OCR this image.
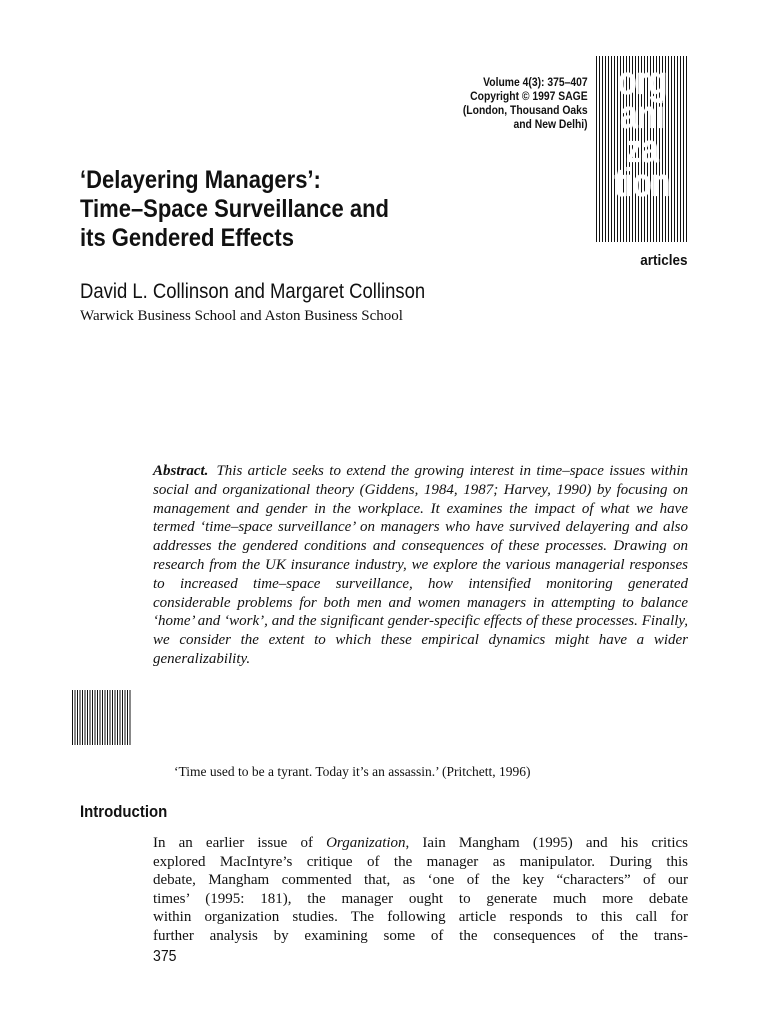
Volume 4(3): 375–407
Copyright © 1997 SAGE
(London, Thousand Oaks
and New Delhi)
org
ani
za
tion
articles
‘Delayering Managers’:
Time–Space Surveillance and
its Gendered Effects
David L. Collinson and Margaret Collinson
Warwick Business School and Aston Business School

Abstract. This article seeks to extend the growing interest in time–space issues within social and organizational theory (Giddens, 1984, 1987; Harvey, 1990) by focusing on management and gender in the workplace. It examines the impact of what we have termed ‘time–space surveillance’ on managers who have survived delayering and also addresses the gendered conditions and consequences of these processes. Drawing on research from the UK insurance industry, we explore the various managerial responses to increased time–space surveillance, how intensified monitoring generated considerable problems for both men and women managers in attempting to balance ‘home’ and ‘work’, and the significant gender-specific effects of these processes. Finally, we consider the extent to which these empirical dynamics might have a wider generalizability.

‘Time used to be a tyrant. Today it’s an assassin.’ (Pritchett, 1996)
Introduction

In an earlier issue of Organization, Iain Mangham (1995) and his critics
explored MacIntyre’s critique of the manager as manipulator. During this
debate, Mangham commented that, as ‘one of the key “characters” of our
times’ (1995: 181), the manager ought to generate much more debate
within organization studies. The following article responds to this call for
further analysis by examining some of the consequences of the trans-

375
